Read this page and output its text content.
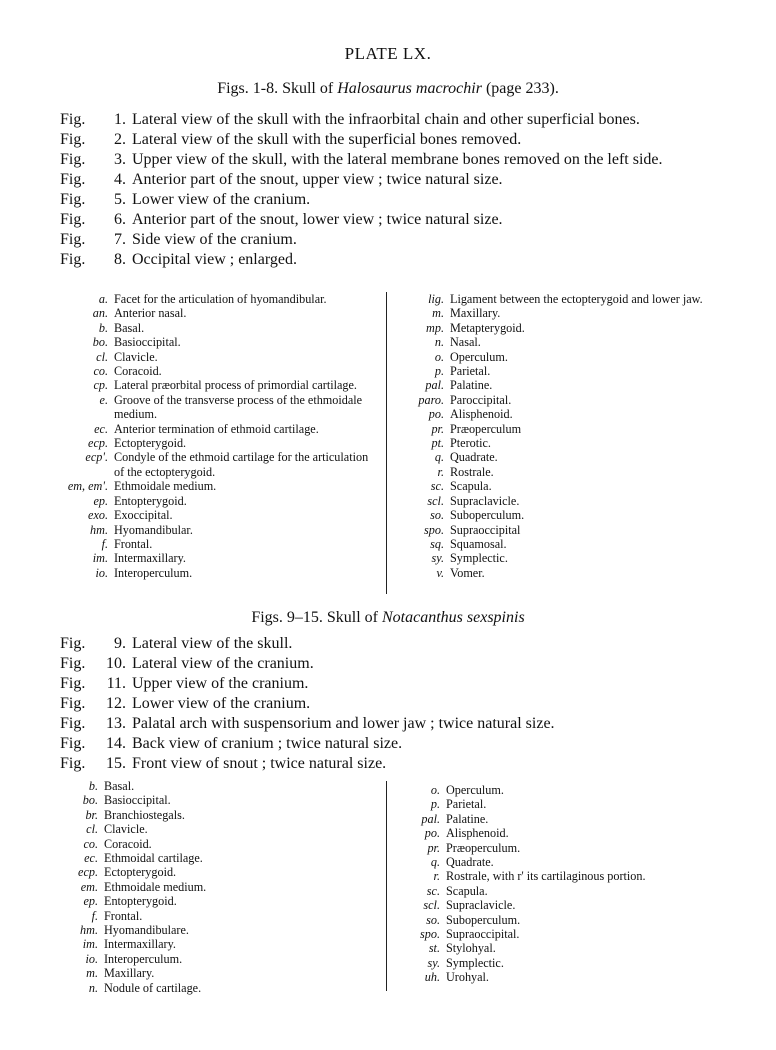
PLATE LX.
Figs. 1-8. Skull of Halosaurus macrochir (page 233).
Fig.	1. Lateral view of the skull with the infraorbital chain and other superficial bones.
Fig.	2. Lateral view of the skull with the superficial bones removed.
Fig.	3. Upper view of the skull, with the lateral membrane bones removed on the left side.
Fig.	4. Anterior part of the snout, upper view ; twice natural size.
Fig.	5. Lower view of the cranium.
Fig.	6. Anterior part of the snout, lower view ; twice natural size.
Fig.	7. Side view of the cranium.
Fig.	8. Occipital view ; enlarged.
a. Facet for the articulation of hyomandibular.
an. Anterior nasal.
b. Basal.
bo. Basioccipital.
cl. Clavicle.
co. Coracoid.
cp. Lateral præorbital process of primordial cartilage.
e. Groove of the transverse process of the ethmoidale medium.
ec. Anterior termination of ethmoid cartilage.
ecp. Ectopterygoid.
ecp'. Condyle of the ethmoid cartilage for the articulation of the ectopterygoid.
em, em'. Ethmoidale medium.
ep. Entopterygoid.
exo. Exoccipital.
hm. Hyomandibular.
f. Frontal.
im. Intermaxillary.
io. Interoperculum.
lig. Ligament between the ectopterygoid and lower jaw.
m. Maxillary.
mp. Metapterygoid.
n. Nasal.
o. Operculum.
p. Parietal.
pal. Palatine.
paro. Paroccipital.
po. Alisphenoid.
pr. Præoperculum
pt. Pterotic.
q. Quadrate.
r. Rostrale.
sc. Scapula.
scl. Supraclavicle.
so. Suboperculum.
spo. Supraoccipital
sq. Squamosal.
sy. Symplectic.
v. Vomer.
Figs. 9–15. Skull of Notacanthus sexspinis
Fig.	9. Lateral view of the skull.
Fig.	10. Lateral view of the cranium.
Fig.	11. Upper view of the cranium.
Fig.	12. Lower view of the cranium.
Fig.	13. Palatal arch with suspensorium and lower jaw ; twice natural size.
Fig.	14. Back view of cranium ; twice natural size.
Fig.	15. Front view of snout ; twice natural size.
b. Basal.
bo. Basioccipital.
br. Branchiostegals.
cl. Clavicle.
co. Coracoid.
ec. Ethmoidal cartilage.
ecp. Ectopterygoid.
em. Ethmoidale medium.
ep. Entopterygoid.
f. Frontal.
hm. Hyomandibulare.
im. Intermaxillary.
io. Interoperculum.
m. Maxillary.
n. Nodule of cartilage.
o. Operculum.
p. Parietal.
pal. Palatine.
po. Alisphenoid.
pr. Præoperculum.
q. Quadrate.
r. Rostrale, with r' its cartilaginous portion.
sc. Scapula.
scl. Supraclavicle.
so. Suboperculum.
spo. Supraoccipital.
st. Stylohyal.
sy. Symplectic.
uh. Urohyal.
